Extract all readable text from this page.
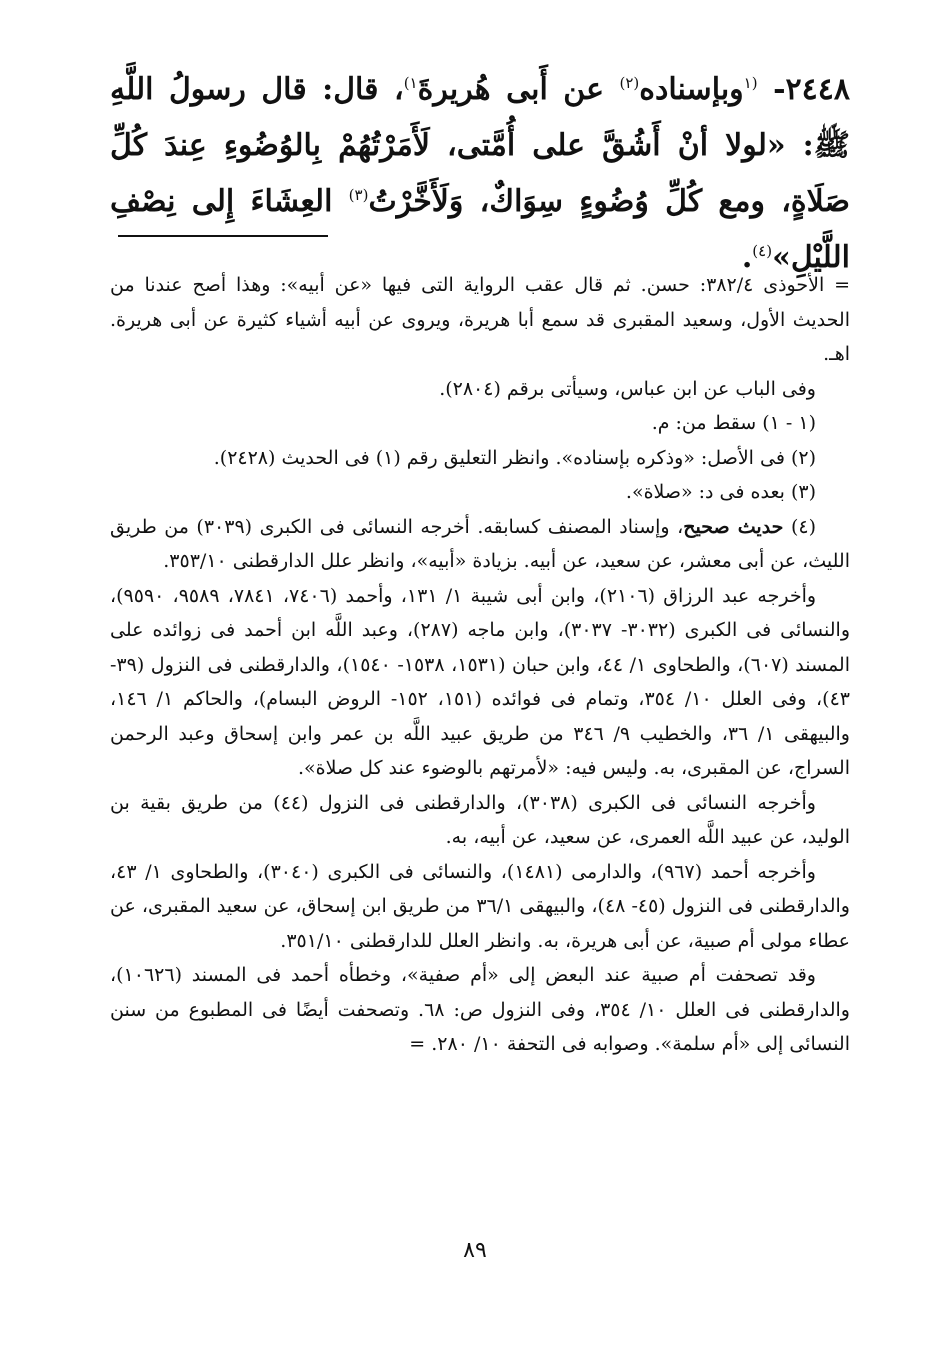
٢٤٤٨- $^{(١}$وبإسناده$^{(٢)}$ عن أَبى هُريرةَ$^{١)}$، قال: قال رسولُ اللَّهِ ﷺ: «لولا أنْ أَشُقَّ على أُمَّتى، لَأَمَرْتُهُمْ بِالوُضُوءِ عِندَ كُلِّ صَلَاةٍ، ومع كُلِّ وُضُوءٍ سِوَاكٌ، وَلَأَخَّرْتُ$^{(٣)}$ العِشَاءَ إِلى نِصْفِ اللَّيْلِ»$^{(٤)}$.

= الأحوذى ٣٨٢/٤: حسن. ثم قال عقب الرواية التى فيها «عن أبيه»: وهذا أصح عندنا من الحديث الأول، وسعيد المقبرى قد سمع أبا هريرة، ويروى عن أبيه أشياء كثيرة عن أبى هريرة. اهـ.

وفى الباب عن ابن عباس، وسيأتى برقم (٢٨٠٤).

(١ - ١) سقط من: م.

(٢) فى الأصل: «وذكره بإسناده». وانظر التعليق رقم (١) فى الحديث (٢٤٢٨).

(٣) بعده فى د: «صلاة».

(٤) حديث صحيح، وإسناد المصنف كسابقه. أخرجه النسائى فى الكبرى (٣٠٣٩) من طريق الليث، عن أبى معشر، عن سعيد، عن أبيه. بزيادة «أبيه»، وانظر علل الدارقطنى ٣٥٣/١٠.

وأخرجه عبد الرزاق (٢١٠٦)، وابن أبى شيبة ١/ ١٣١، وأحمد (٧٤٠٦، ٧٨٤١، ٩٥٨٩، ٩٥٩٠)، والنسائى فى الكبرى (٣٠٣٢- ٣٠٣٧)، وابن ماجه (٢٨٧)، وعبد اللَّه ابن أحمد فى زوائده على المسند (٦٠٧)، والطحاوى ١/ ٤٤، وابن حبان (١٥٣١، ١٥٣٨- ١٥٤٠)، والدارقطنى فى النزول (٣٩- ٤٣)، وفى العلل ١٠/ ٣٥٤، وتمام فى فوائده (١٥١، ١٥٢- الروض البسام)، والحاكم ١/ ١٤٦، والبيهقى ١/ ٣٦، والخطيب ٩/ ٣٤٦ من طريق عبيد اللَّه بن عمر وابن إسحاق وعبد الرحمن السراج، عن المقبرى، به. وليس فيه: «لأمرتهم بالوضوء عند كل صلاة».

وأخرجه النسائى فى الكبرى (٣٠٣٨)، والدارقطنى فى النزول (٤٤) من طريق بقية بن الوليد، عن عبيد اللَّه العمرى، عن سعيد، عن أبيه، به.

وأخرجه أحمد (٩٦٧)، والدارمى (١٤٨١)، والنسائى فى الكبرى (٣٠٤٠)، والطحاوى ١/ ٤٣، والدارقطنى فى النزول (٤٥- ٤٨)، والبيهقى ٣٦/١ من طريق ابن إسحاق، عن سعيد المقبرى، عن عطاء مولى أم صبية، عن أبى هريرة، به. وانظر العلل للدارقطنى ٣٥١/١٠.

وقد تصحفت أم صبية عند البعض إلى «أم صفية»، وخطأه أحمد فى المسند (١٠٦٢٦)، والدارقطنى فى العلل ١٠/ ٣٥٤، وفى النزول ص: ٦٨. وتصحفت أيضًا فى المطبوع من سنن النسائى إلى «أم سلمة». وصوابه فى التحفة ١٠/ ٢٨٠. =

٨٩
